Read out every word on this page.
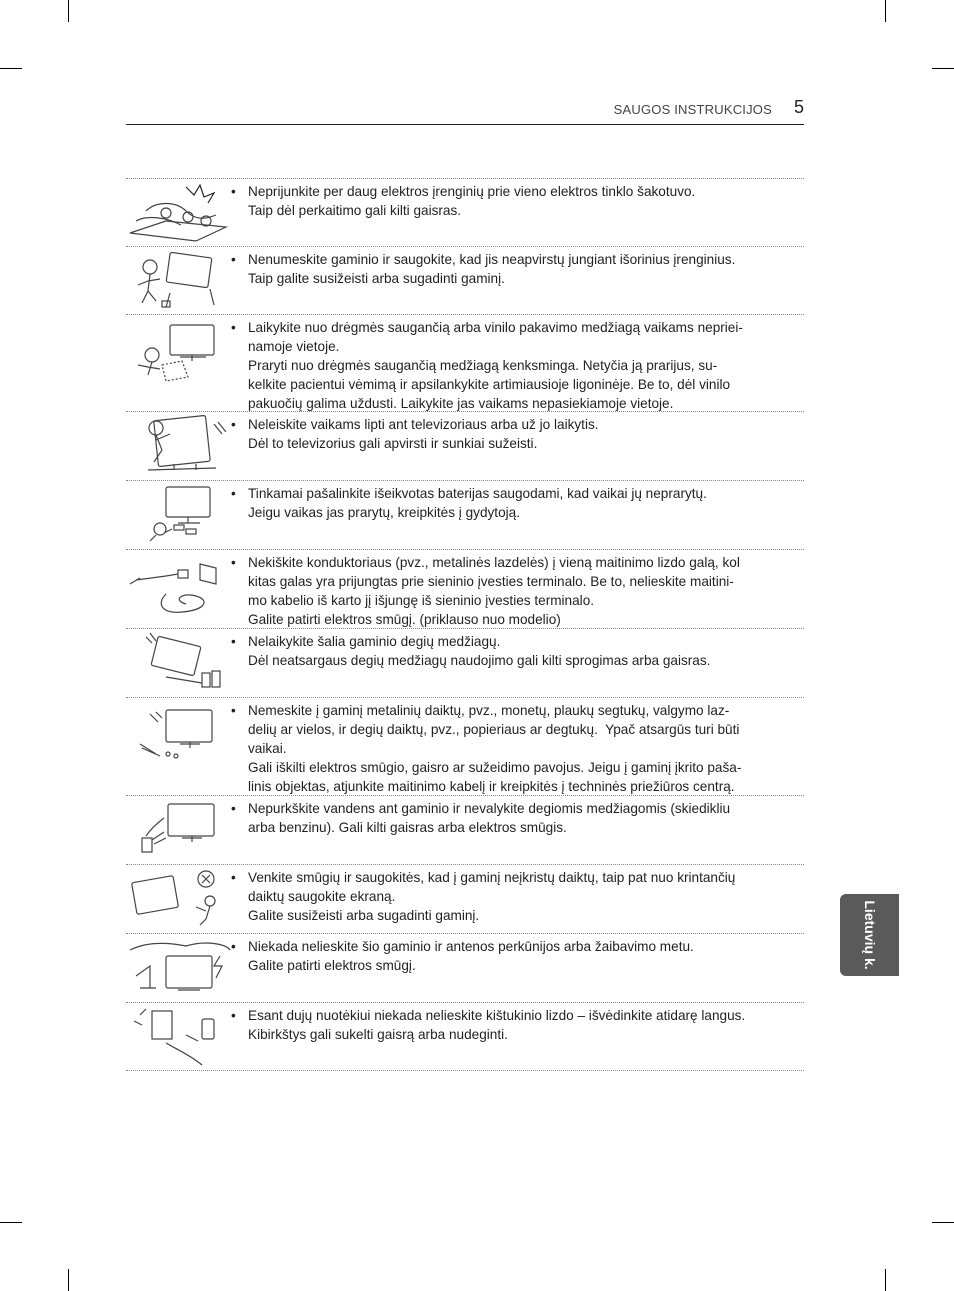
SAUGOS INSTRUKCIJOS 5
Lietuvių k.
• Neprijunkite per daug elektros įrenginių prie vieno elektros tinklo šakotuvo.
Taip dėl perkaitimo gali kilti gaisras.
• Nenumeskite gaminio ir saugokite, kad jis neapvirstų jungiant išorinius įrenginius.
Taip galite susižeisti arba sugadinti gaminį.
• Laikykite nuo drėgmės saugančią arba vinilo pakavimo medžiagą vaikams nepriei-
namoje vietoje.
Praryti nuo drėgmės saugančią medžiagą kenksminga. Netyčia ją prarijus, su-
kelkite pacientui vėmimą ir apsilankykite artimiausioje ligoninėje. Be to, dėl vinilo
pakuočių galima uždusti. Laikykite jas vaikams nepasiekiamoje vietoje.
• Neleiskite vaikams lipti ant televizoriaus arba už jo laikytis.
Dėl to televizorius gali apvirsti ir sunkiai sužeisti.
• Tinkamai pašalinkite išeikvotas baterijas saugodami, kad vaikai jų neprarytų.
Jeigu vaikas jas prarytų, kreipkitės į gydytoją.
• Nekiškite konduktoriaus (pvz., metalinės lazdelės) į vieną maitinimo lizdo galą, kol
kitas galas yra prijungtas prie sieninio įvesties terminalo. Be to, nelieskite maitini-
mo kabelio iš karto jį išjungę iš sieninio įvesties terminalo.
Galite patirti elektros smūgį. (priklauso nuo modelio)
• Nelaikykite šalia gaminio degių medžiagų.
Dėl neatsargaus degių medžiagų naudojimo gali kilti sprogimas arba gaisras.
• Nemeskite į gaminį metalinių daiktų, pvz., monetų, plaukų segtukų, valgymo laz-
delių ar vielos, ir degių daiktų, pvz., popieriaus ar degtukų.  Ypač atsargūs turi būti
vaikai.
Gali iškilti elektros smūgio, gaisro ar sužeidimo pavojus. Jeigu į gaminį įkrito paša-
linis objektas, atjunkite maitinimo kabelį ir kreipkitės į techninės priežiūros centrą.
• Nepurkškite vandens ant gaminio ir nevalykite degiomis medžiagomis (skiedikliu
arba benzinu). Gali kilti gaisras arba elektros smūgis.
• Venkite smūgių ir saugokitės, kad į gaminį neįkristų daiktų, taip pat nuo krintančių
daiktų saugokite ekraną.
Galite susižeisti arba sugadinti gaminį.
• Niekada nelieskite šio gaminio ir antenos perkūnijos arba žaibavimo metu.
Galite patirti elektros smūgį.
• Esant dujų nuotėkiui niekada nelieskite kištukinio lizdo – išvėdinkite atidarę langus.
Kibirkštys gali sukelti gaisrą arba nudeginti.
